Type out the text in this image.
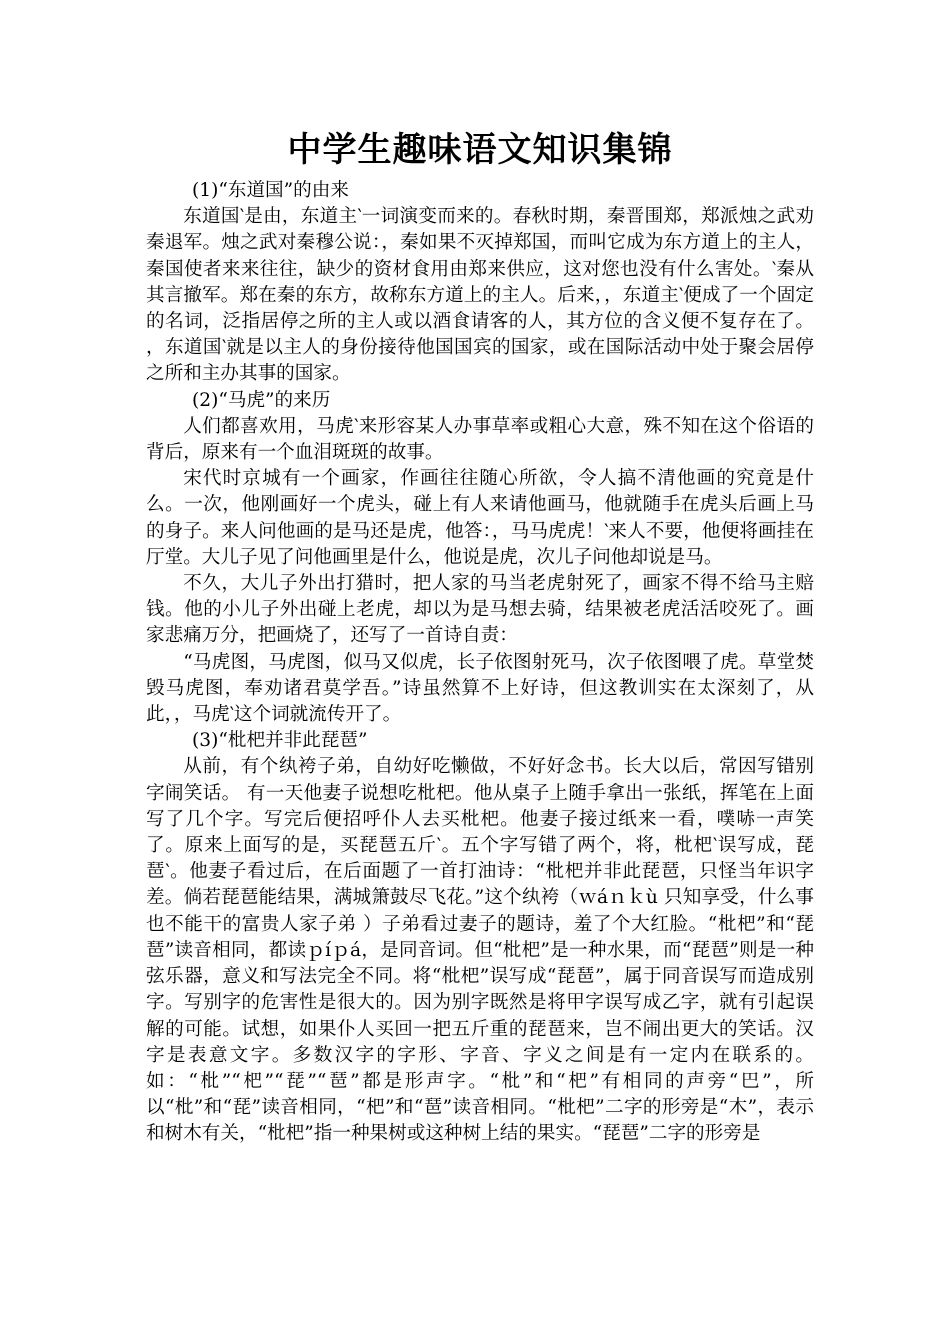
中学生趣味语文知识集锦

(1)“东道国”的由来

东道国‵是由，东道主‵一词演变而来的。春秋时期，秦晋围郑，郑派烛之武劝秦退军。烛之武对秦穆公说：，秦如果不灭掉郑国，而叫它成为东方道上的主人，秦国使者来来往往，缺少的资材食用由郑来供应，这对您也没有什么害处。‵秦从其言撤军。郑在秦的东方，故称东方道上的主人。后来，，东道主‵便成了一个固定的名词，泛指居停之所的主人或以酒食请客的人，其方位的含义便不复存在了。 ，东道国‵就是以主人的身份接待他国国宾的国家，或在国际活动中处于聚会居停之所和主办其事的国家。

(2)“马虎”的来历

人们都喜欢用，马虎‵来形容某人办事草率或粗心大意，殊不知在这个俗语的背后，原来有一个血泪斑斑的故事。

宋代时京城有一个画家，作画往往随心所欲，令人搞不清他画的究竟是什么。一次，他刚画好一个虎头，碰上有人来请他画马，他就随手在虎头后画上马的身子。来人问他画的是马还是虎，他答：，马马虎虎！‵来人不要，他便将画挂在厅堂。大儿子见了问他画里是什么，他说是虎，次儿子问他却说是马。

不久，大儿子外出打猎时，把人家的马当老虎射死了，画家不得不给马主赔钱。他的小儿子外出碰上老虎，却以为是马想去骑，结果被老虎活活咬死了。画家悲痛万分，把画烧了，还写了一首诗自责：

“马虎图，马虎图，似马又似虎，长子依图射死马，次子依图喂了虎。草堂焚毁马虎图，奉劝诸君莫学吾。”诗虽然算不上好诗，但这教训实在太深刻了，从此，，马虎‵这个词就流传开了。

(3)“枇杷并非此琵琶”

从前，有个纨袴子弟，自幼好吃懒做，不好好念书。长大以后，常因写错别字闹笑话。 有一天他妻子说想吃枇杷。他从桌子上随手拿出一张纸，挥笔在上面写了几个字。写完后便招呼仆人去买枇杷。他妻子接过纸来一看，噗哧一声笑了。原来上面写的是，买琵琶五斤‵。五个字写错了两个，将，枇杷‵误写成，琵琶‵。他妻子看过后，在后面题了一首打油诗：“枇杷并非此琵琶，只怪当年识字差。倘若琵琶能结果，满城箫鼓尽飞花。”这个纨袴（ｗáｎｋù 只知享受，什么事也不能干的富贵人家子弟 ）子弟看过妻子的题诗，羞了个大红脸。“枇杷”和“琵琶”读音相同，都读ｐíｐá，是同音词。但“枇杷”是一种水果，而“琵琶”则是一种弦乐器，意义和写法完全不同。将“枇杷”误写成“琵琶”，属于同音误写而造成别字。写别字的危害性是很大的。因为别字既然是将甲字误写成乙字，就有引起误解的可能。试想，如果仆人买回一把五斤重的琵琶来，岂不闹出更大的笑话。汉字是表意文字。多数汉字的字形、字音、字义之间是有一定内在联系的。如：“枇”“杷”“琵”“琶”都是形声字。“枇”和“杷”有相同的声旁“巴”，所以“枇”和“琵”读音相同，“杷”和“琶”读音相同。“枇杷”二字的形旁是“木”，表示和树木有关，“枇杷”指一种果树或这种树上结的果实。“琵琶”二字的形旁是
